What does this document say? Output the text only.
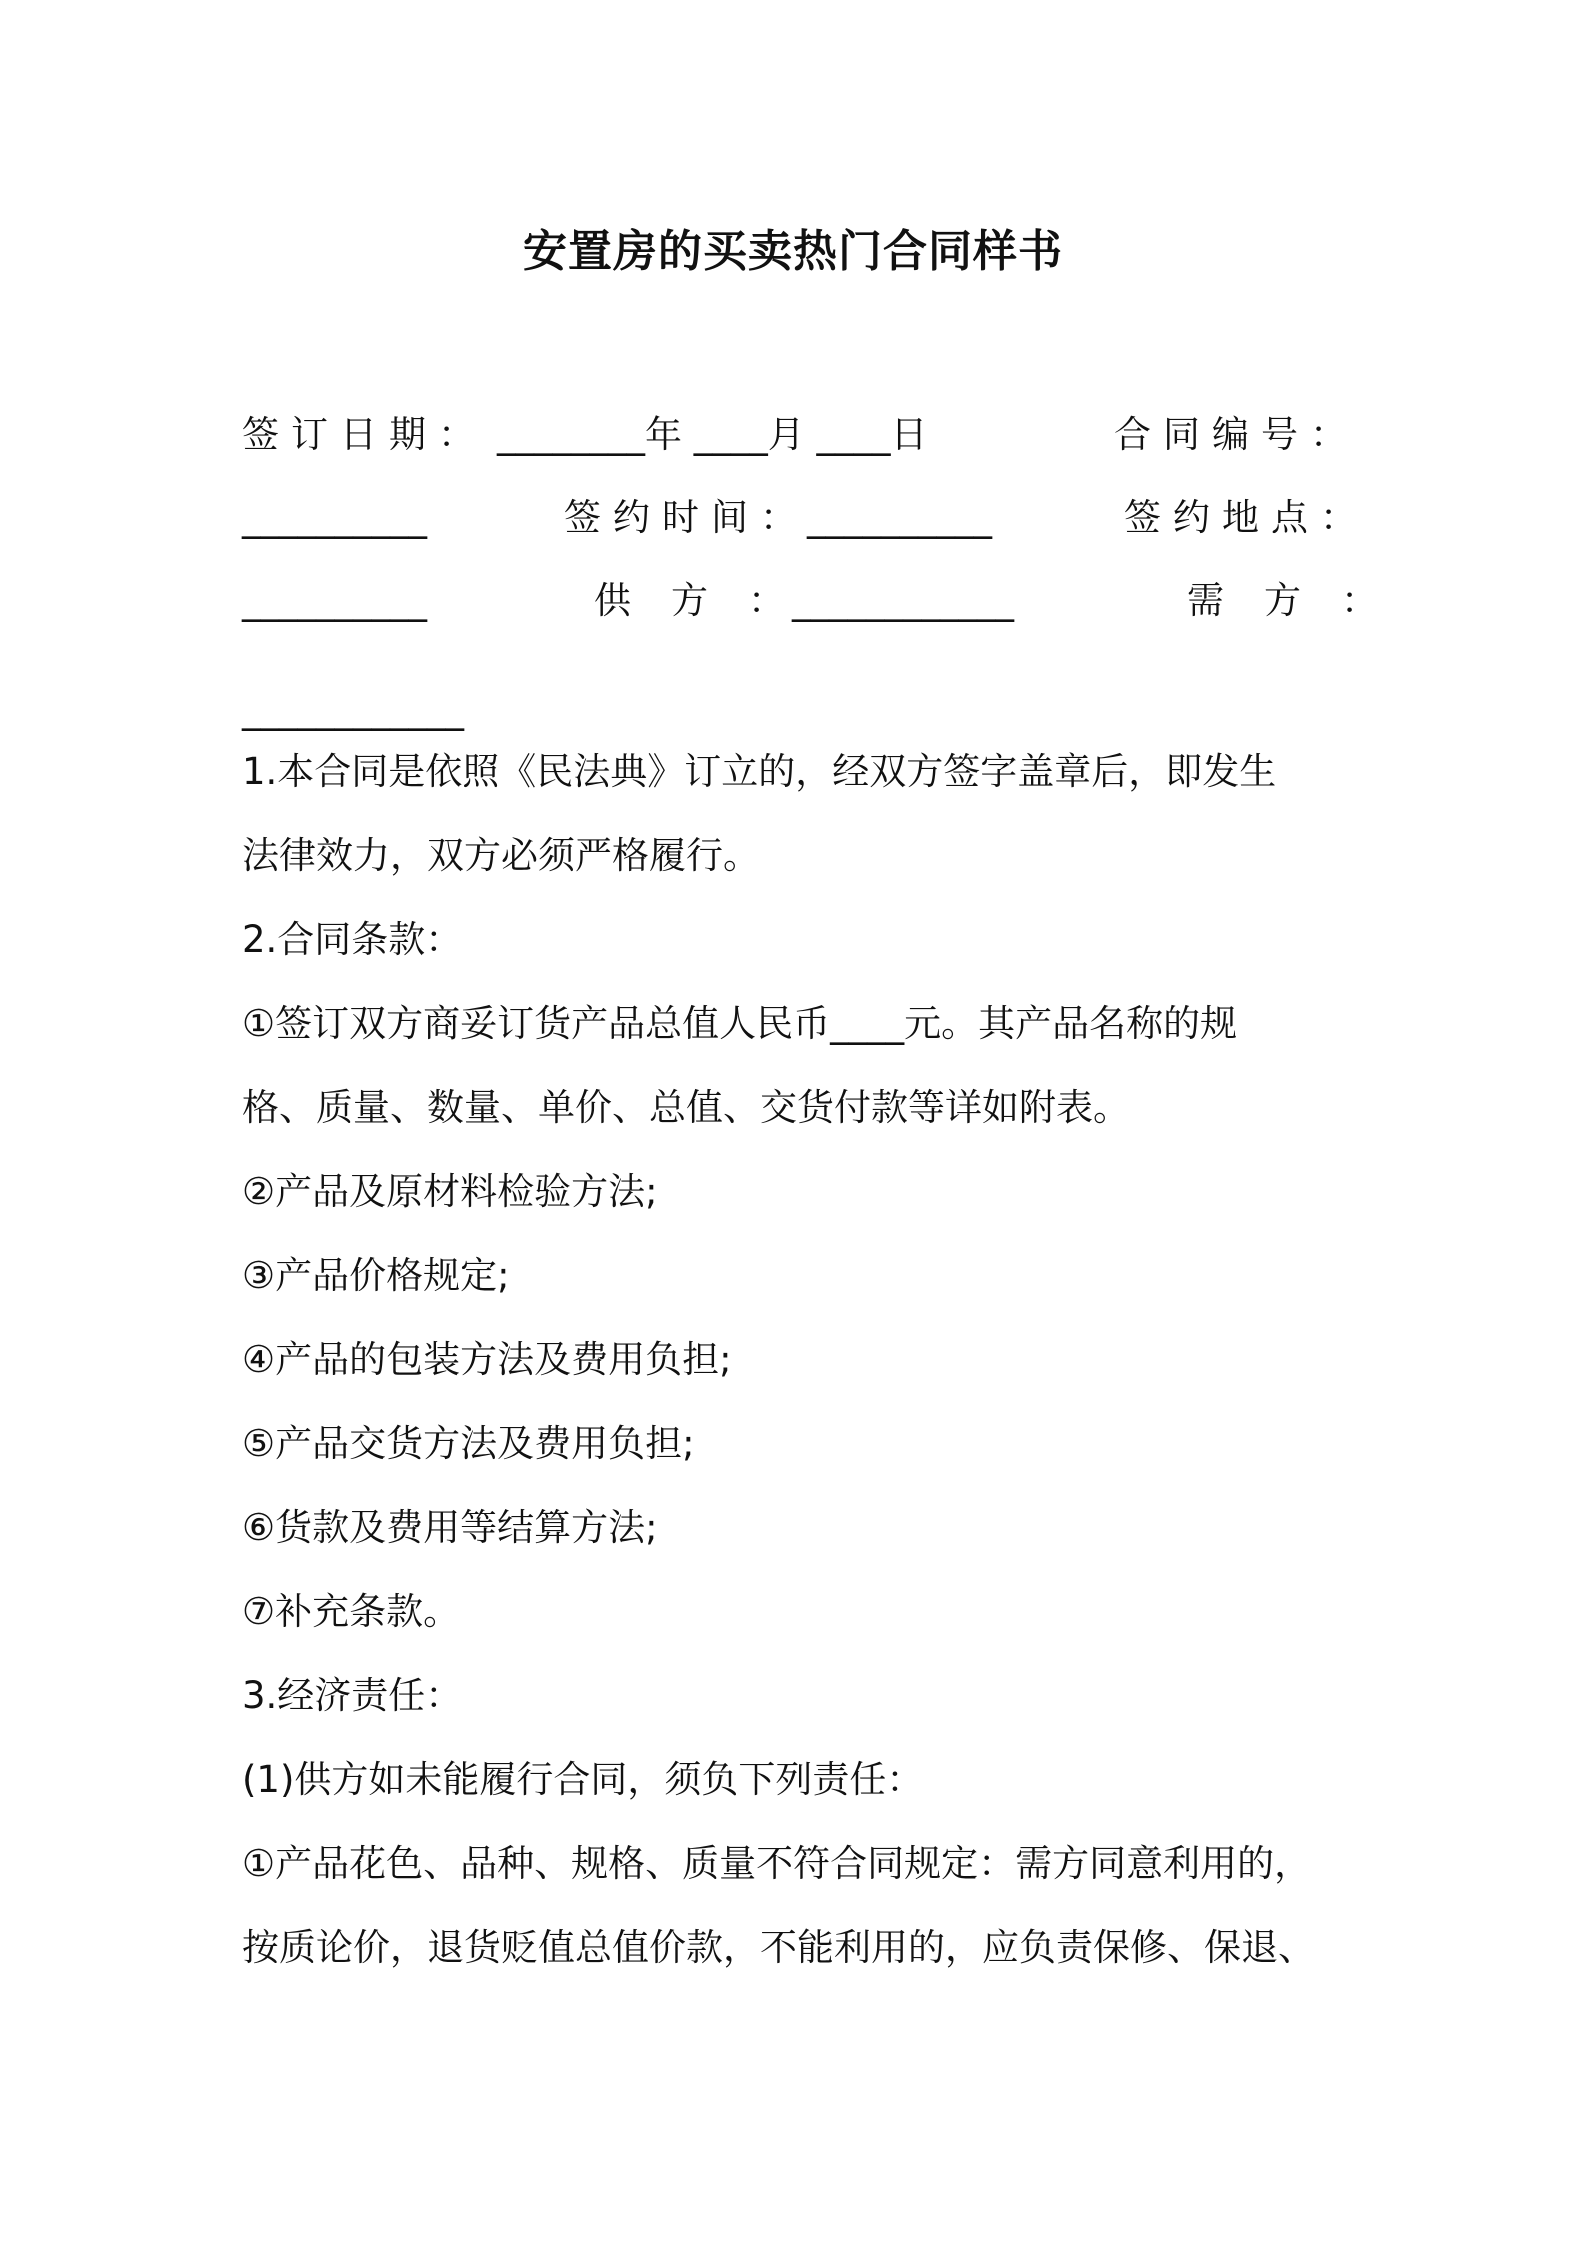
安置房的买卖热门合同样书
签订日期： ________年 ____月 ____日	合同编号：
__________	签约时间：
__________	签约地点：
__________	供方：
____________	需方：
____________
1.本合同是依照《民法典》订立的，经双方签字盖章后，即发生
法律效力，双方必须严格履行。
2.合同条款：
①签订双方商妥订货产品总值人民币____元。其产品名称的规
格、质量、数量、单价、总值、交货付款等详如附表。
②产品及原材料检验方法;
③产品价格规定;
④产品的包装方法及费用负担;
⑤产品交货方法及费用负担;
⑥货款及费用等结算方法;
⑦补充条款。
3.经济责任：
(1)供方如未能履行合同，须负下列责任：
①产品花色、品种、规格、质量不符合同规定：需方同意利用的，
按质论价，退货贬值总值价款，不能利用的，应负责保修、保退、
